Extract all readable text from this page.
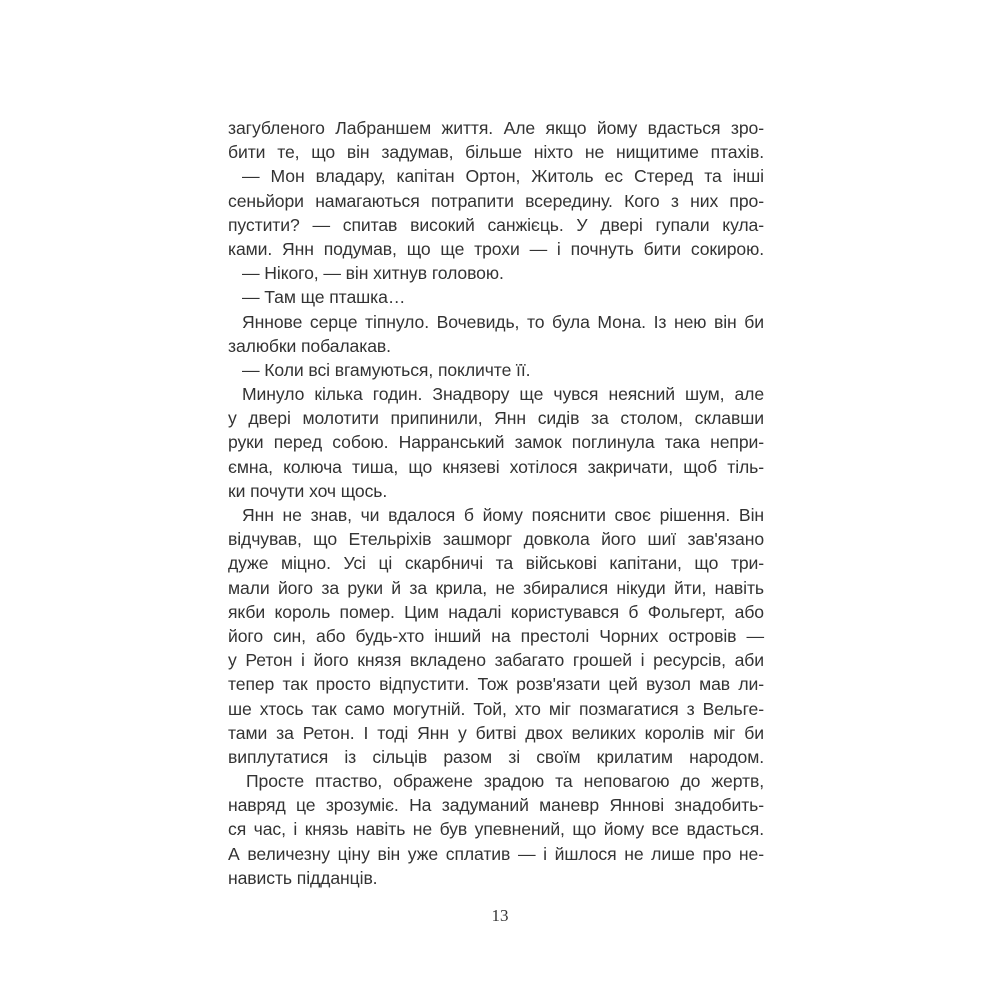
загубленого Лабраншем життя. Але якщо йому вдасться зро-
бити те, що він задумав, більше ніхто не нищитиме птахів.
— Мон владару, капітан Ортон, Житоль ес Стеред та інші
сеньйори намагаються потрапити всередину. Кого з них про-
пустити? — спитав високий санжієць. У двері гупали кула-
ками. Янн подумав, що ще трохи — і почнуть бити сокирою.
— Нікого, — він хитнув головою.
— Там ще пташка…
Яннове серце тіпнуло. Вочевидь, то була Мона. Із нею він би
залюбки побалакав.
— Коли всі вгамуються, покличте її.
Минуло кілька годин. Знадвору ще чувся неясний шум, але
у двері молотити припинили, Янн сидів за столом, склавши
руки перед собою. Нарранський замок поглинула така непри-
ємна, колюча тиша, що князеві хотілося закричати, щоб тіль-
ки почути хоч щось.
Янн не знав, чи вдалося б йому пояснити своє рішення. Він
відчував, що Етельріхів зашморг довкола його шиї зав'язано
дуже міцно. Усі ці скарбничі та військові капітани, що три-
мали його за руки й за крила, не збиралися нікуди йти, навіть
якби король помер. Цим надалі користувався б Фольгерт, або
його син, або будь-хто інший на престолі Чорних островів —
у Ретон і його князя вкладено забагато грошей і ресурсів, аби
тепер так просто відпустити. Тож розв'язати цей вузол мав ли-
ше хтось так само могутній. Той, хто міг позмагатися з Вельге-
тами за Ретон. І тоді Янн у битві двох великих королів міг би
виплутатися із сільців разом зі своїм крилатим народом.
Просте птаство, ображене зрадою та неповагою до жертв,
навряд це зрозуміє. На задуманий маневр Яннові знадобить-
ся час, і князь навіть не був упевнений, що йому все вдасться.
А величезну ціну він уже сплатив — і йшлося не лише про не-
нависть підданців.
13
